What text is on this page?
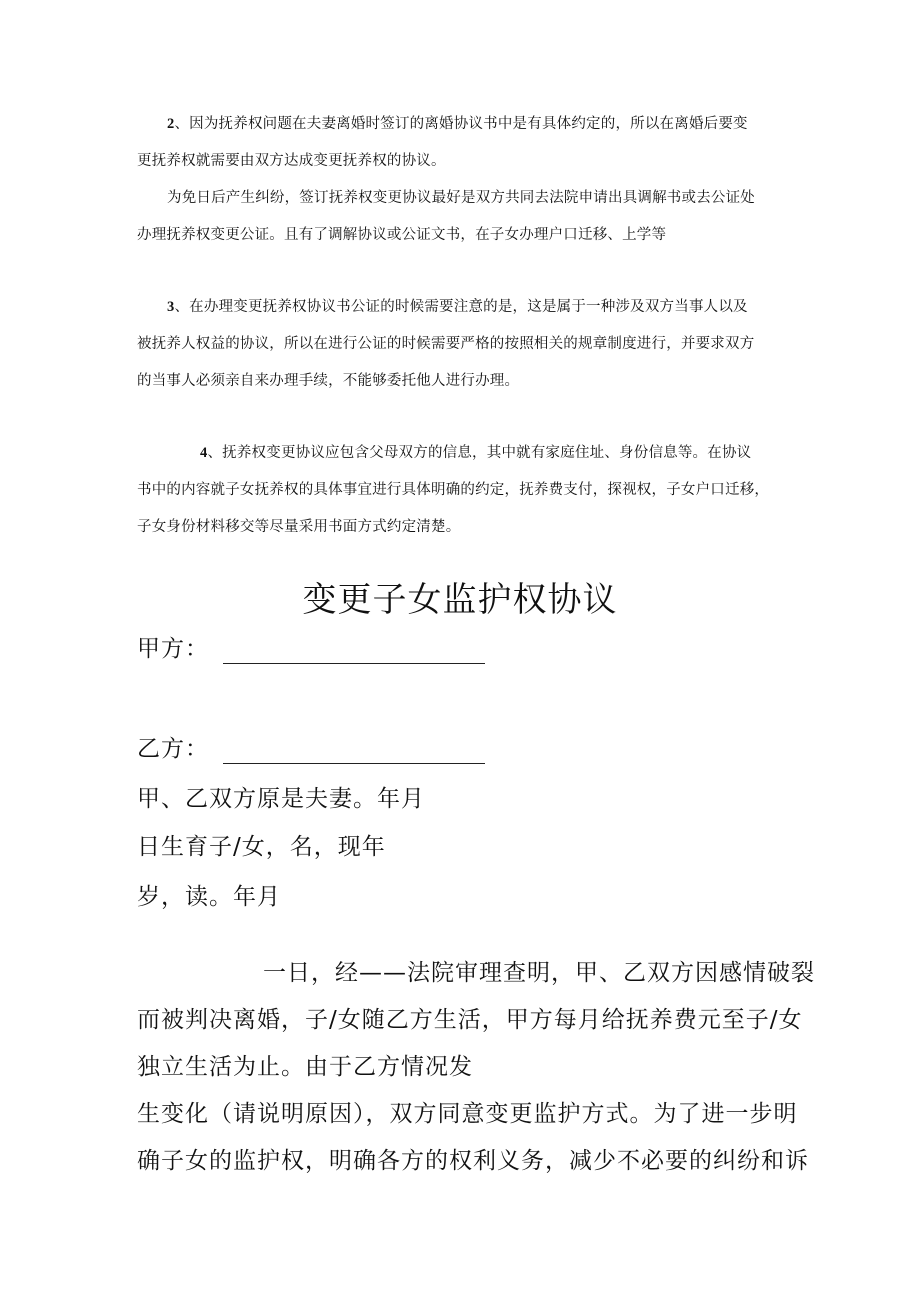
2、因为抚养权问题在夫妻离婚时签订的离婚协议书中是有具体约定的，所以在离婚后要变
更抚养权就需要由双方达成变更抚养权的协议。
为免日后产生纠纷，签订抚养权变更协议最好是双方共同去法院申请出具调解书或去公证处
办理抚养权变更公证。且有了调解协议或公证文书，在子女办理户口迁移、上学等
3、在办理变更抚养权协议书公证的时候需要注意的是，这是属于一种涉及双方当事人以及
被抚养人权益的协议，所以在进行公证的时候需要严格的按照相关的规章制度进行，并要求双方
的当事人必须亲自来办理手续，不能够委托他人进行办理。
4、抚养权变更协议应包含父母双方的信息，其中就有家庭住址、身份信息等。在协议
书中的内容就子女抚养权的具体事宜进行具体明确的约定，抚养费支付，探视权，子女户口迁移，
子女身份材料移交等尽量采用书面方式约定清楚。
变更子女监护权协议
甲方：
乙方：
甲、乙双方原是夫妻。年月
日生育子/女，名，现年
岁，读。年月
一日，经——法院审理查明，甲、乙双方因感情破裂
而被判决离婚，子/女随乙方生活，甲方每月给抚养费元至子/女
独立生活为止。由于乙方情况发
生变化（请说明原因），双方同意变更监护方式。为了进一步明
确子女的监护权，明确各方的权利义务，减少不必要的纠纷和诉
